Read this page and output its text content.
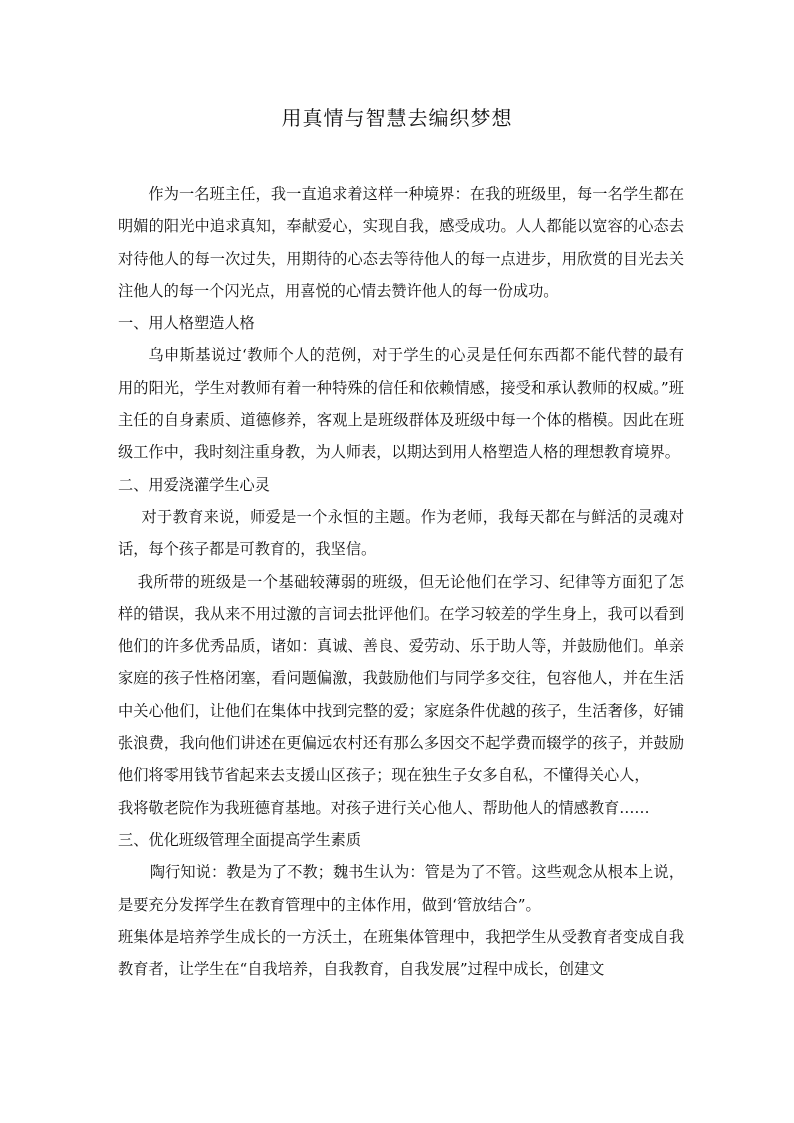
用真情与智慧去编织梦想

作为一名班主任，我一直追求着这样一种境界：在我的班级里，每一名学生都在明媚的阳光中追求真知，奉献爱心，实现自我，感受成功。人人都能以宽容的心态去对待他人的每一次过失，用期待的心态去等待他人的每一点进步，用欣赏的目光去关注他人的每一个闪光点，用喜悦的心情去赞许他人的每一份成功。

一、用人格塑造人格

乌申斯基说过‘教师个人的范例，对于学生的心灵是任何东西都不能代替的最有用的阳光，学生对教师有着一种特殊的信任和依赖情感，接受和承认教师的权威。”班主任的自身素质、道德修养，客观上是班级群体及班级中每一个体的楷模。因此在班级工作中，我时刻注重身教，为人师表，以期达到用人格塑造人格的理想教育境界。

二、用爱浇灌学生心灵

对于教育来说，师爱是一个永恒的主题。作为老师，我每天都在与鲜活的灵魂对话，每个孩子都是可教育的，我坚信。

我所带的班级是一个基础较薄弱的班级，但无论他们在学习、纪律等方面犯了怎样的错误，我从来不用过激的言词去批评他们。在学习较差的学生身上，我可以看到他们的许多优秀品质，诸如：真诚、善良、爱劳动、乐于助人等，并鼓励他们。单亲家庭的孩子性格闭塞，看问题偏激，我鼓励他们与同学多交往，包容他人，并在生活中关心他们，让他们在集体中找到完整的爱；家庭条件优越的孩子，生活奢侈，好铺张浪费，我向他们讲述在更偏远农村还有那么多因交不起学费而辍学的孩子，并鼓励他们将零用钱节省起来去支援山区孩子；现在独生子女多自私，不懂得关心人，

我将敬老院作为我班德育基地。对孩子进行关心他人、帮助他人的情感教育……

三、优化班级管理全面提高学生素质

陶行知说：教是为了不教；魏书生认为：管是为了不管。这些观念从根本上说，是要充分发挥学生在教育管理中的主体作用，做到‘管放结合”。

班集体是培养学生成长的一方沃土，在班集体管理中，我把学生从受教育者变成自我教育者，让学生在“自我培养，自我教育，自我发展”过程中成长，创建文
